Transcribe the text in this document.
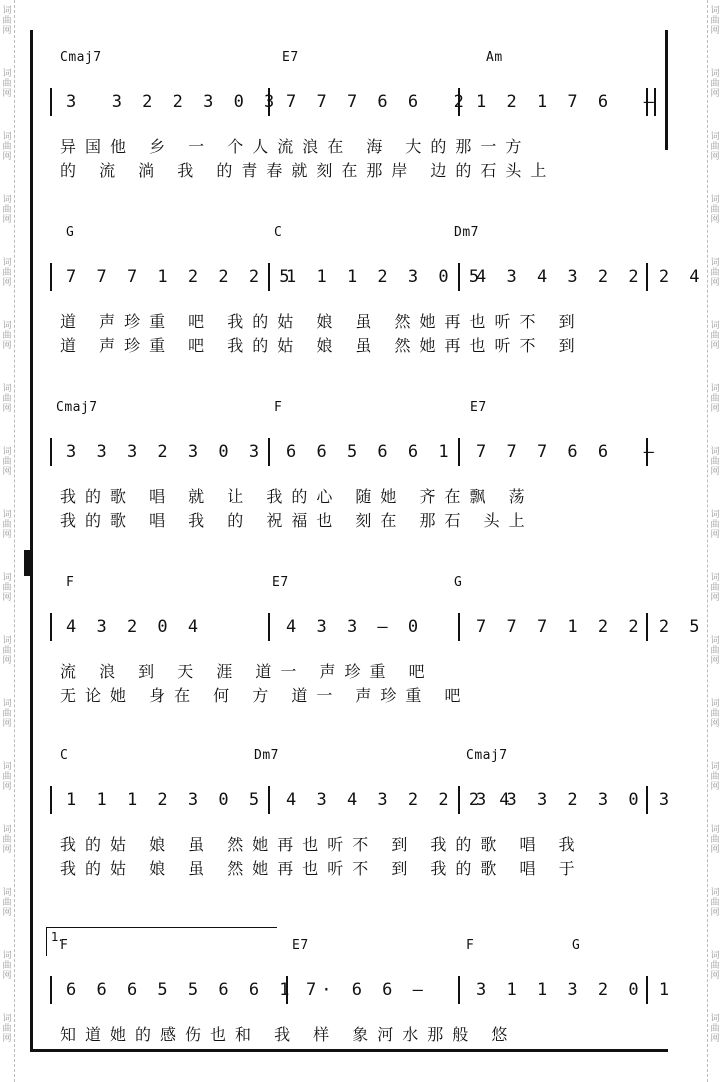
词
曲
网
词
曲
网
词
曲
网
词
曲
网
词
曲
网
词
曲
网
词
曲
网
词
曲
网
词
曲
网
词
曲
网
词
曲
网
词
曲
网
词
曲
网
词
曲
网
词
曲
网
词
曲
网
词
曲
网
词
曲
网
词
曲
网
词
曲
网
词
曲
网
词
曲
网
词
曲
网
词
曲
网
词
曲
网
词
曲
网
词
曲
网
词
曲
网
词
曲
网
词
曲
网
词
曲
网
词
曲
网
词
曲
网
词
曲
网
1.
Cmaj7	E7	Am
3  3 2 2 3 0 3 7 7 7 6 6  2 1 2 1 7 6  —
异国他 乡 一 个人流浪在 海 大的那一方
的 流 淌 我 的青春就刻在那岸 边的石头上
G	C	Dm7
7 7 7 1 2 2 2 5
1 1 1 2 3 0 5
4 3 4 3 2 2 2 4
道 声珍重 吧 我的姑 娘 虽 然她再也听不 到
道 声珍重 吧 我的姑 娘 虽 然她再也听不 到
Cmaj7	F	E7
3 3 3 2 3 0 3 6 6 5 6 6 1 7 7 7 6 6  —
我的歌 唱 就 让 我的心 随她 齐在飘 荡
我的歌 唱 我 的 祝福也 刻在 那石 头上
F	E7	G
4 3 2 0 4	4 3 3 — 0	7 7 7 1 2 2 2 5
流 浪 到 天 涯 道一 声珍重 吧
无论她 身在 何 方 道一 声珍重 吧
C	Dm7	Cmaj7
1 1 1 2 3 0 5 4 3 4 3 2 2 2 4
3 3 3 2 3 0 3
我的姑 娘 虽 然她再也听不 到 我的歌 唱 我
我的姑 娘 虽 然她再也听不 到 我的歌 唱 于
F	E7	F	G
6 6 6 5 5 6 6 1 7· 6 6 —	3 1 1 3 2 0 1
知道她的感伤也和 我 样 象河水那般 悠
